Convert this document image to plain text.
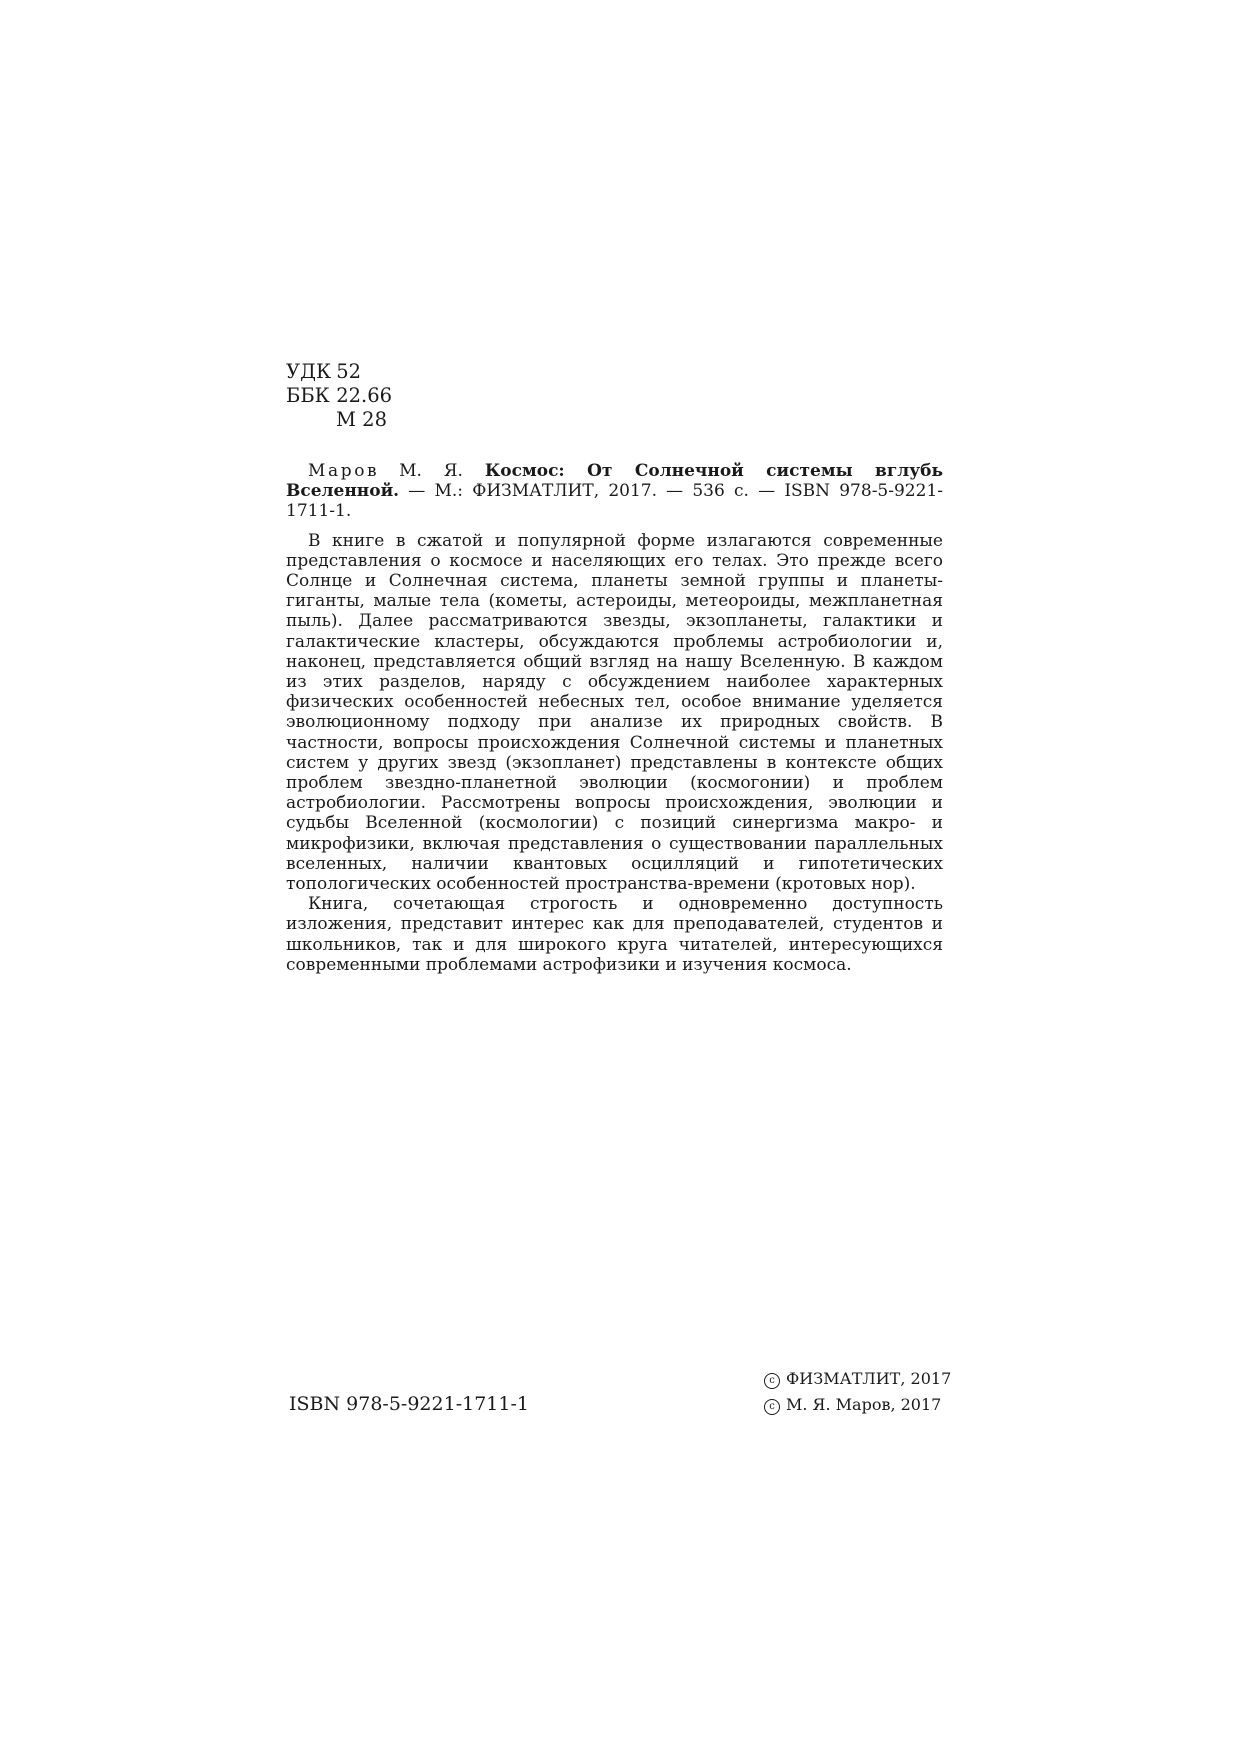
УДК 52
ББК 22.66
М 28

Маров М. Я. Космос: От Солнечной системы вглубь Вселенной. — М.: ФИЗМАТЛИТ, 2017. — 536 с. — ISBN 978-5-9221-1711-1.

В книге в сжатой и популярной форме излагаются современные представления о космосе и населяющих его телах. Это прежде всего Солнце и Солнечная система, планеты земной группы и планеты-гиганты, малые тела (кометы, астероиды, метеороиды, межпланетная пыль). Далее рассматриваются звезды, экзопланеты, галактики и галактические кластеры, обсуждаются проблемы астробиологии и, наконец, представляется общий взгляд на нашу Вселенную. В каждом из этих разделов, наряду с обсуждением наиболее характерных физических особенностей небесных тел, особое внимание уделяется эволюционному подходу при анализе их природных свойств. В частности, вопросы происхождения Солнечной системы и планетных систем у других звезд (экзопланет) представлены в контексте общих проблем звездно-планетной эволюции (космогонии) и проблем астробиологии. Рассмотрены вопросы происхождения, эволюции и судьбы Вселенной (космологии) с позиций синергизма макро- и микрофизики, включая представления о существовании параллельных вселенных, наличии квантовых осцилляций и гипотетических топологических особенностей пространства-времени (кротовых нор).

Книга, сочетающая строгость и одновременно доступность изложения, представит интерес как для преподавателей, студентов и школьников, так и для широкого круга читателей, интересующихся современными проблемами астрофизики и изучения космоса.

ISBN 978-5-9221-1711-1
c ФИЗМАТЛИТ, 2017
c М. Я. Маров, 2017
